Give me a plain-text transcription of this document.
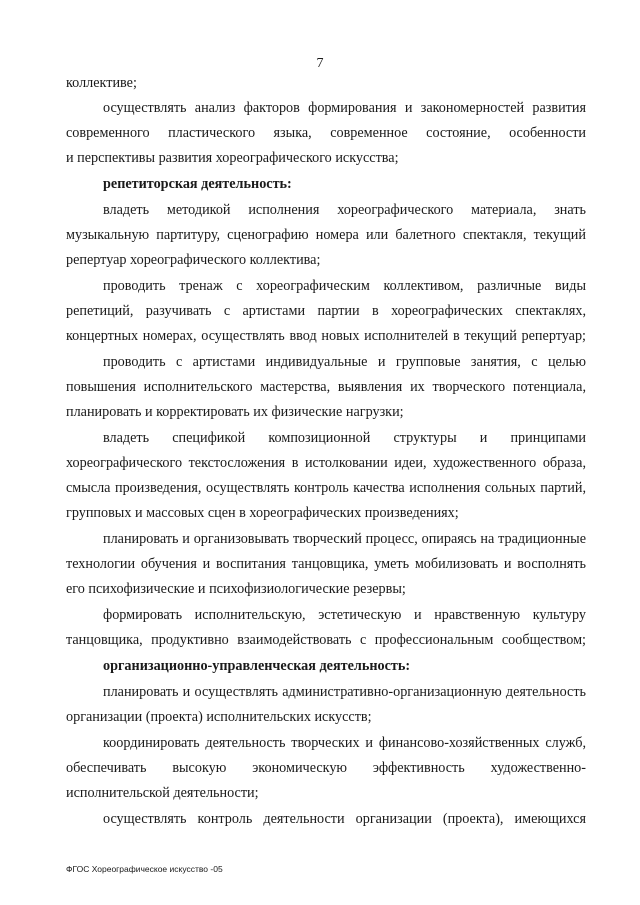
7
коллективе;
осуществлять анализ факторов формирования и закономерностей развития
современного пластического языка, современное состояние, особенности
и перспективы развития хореографического искусства;
репетиторская деятельность:
владеть методикой исполнения хореографического материала, знать
музыкальную партитуру, сценографию номера или балетного спектакля, текущий
репертуар хореографического коллектива;
проводить тренаж с хореографическим коллективом, различные виды
репетиций, разучивать с артистами партии в хореографических спектаклях,
концертных номерах, осуществлять ввод новых исполнителей в текущий репертуар;
проводить с артистами индивидуальные и групповые занятия, с целью
повышения исполнительского мастерства, выявления их творческого потенциала,
планировать и корректировать их физические нагрузки;
владеть спецификой композиционной структуры и принципами
хореографического текстосложения в истолковании идеи, художественного образа,
смысла произведения, осуществлять контроль качества исполнения сольных партий,
групповых и массовых сцен в хореографических произведениях;
планировать и организовывать творческий процесс, опираясь на традиционные
технологии обучения и воспитания танцовщика, уметь мобилизовать и восполнять
его психофизические и психофизиологические резервы;
формировать исполнительскую, эстетическую и нравственную культуру
танцовщика, продуктивно взаимодействовать с профессиональным сообществом;
организационно-управленческая деятельность:
планировать и осуществлять административно-организационную деятельность
организации (проекта) исполнительских искусств;
координировать деятельность творческих и финансово-хозяйственных служб,
обеспечивать высокую экономическую эффективность художественно-
исполнительской деятельности;
осуществлять контроль деятельности организации (проекта), имеющихся
ФГОС Хореографическое искусство -05
